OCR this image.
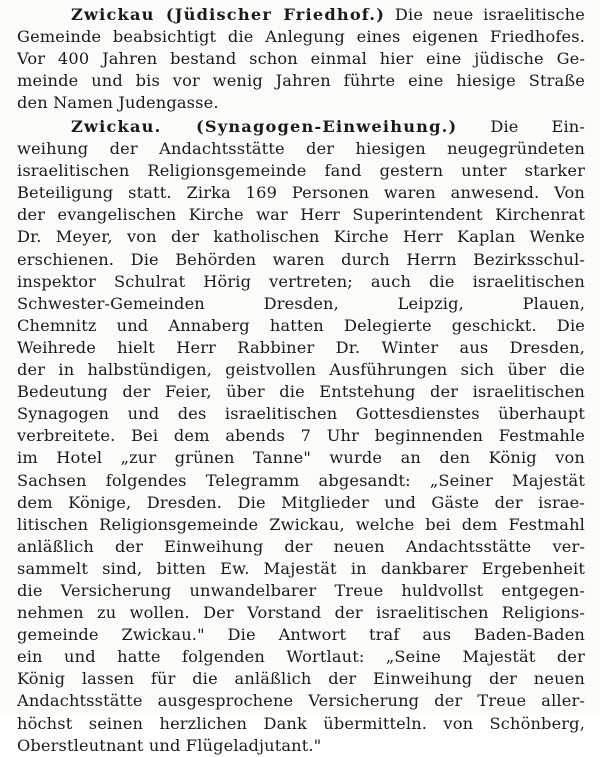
Zwickau (Jüdischer Friedhof.) Die neue israelitische
Gemeinde beabsichtigt die Anlegung eines eigenen Friedhofes.
Vor 400 Jahren bestand schon einmal hier eine jüdische Ge-
meinde und bis vor wenig Jahren führte eine hiesige Straße
den Namen Judengasse.
Zwickau. (Synagogen-Einweihung.) Die Ein-
weihung der Andachtsstätte der hiesigen neugegründeten
israelitischen Religionsgemeinde fand gestern unter starker
Beteiligung statt. Zirka 169 Personen waren anwesend. Von
der evangelischen Kirche war Herr Superintendent Kirchenrat
Dr. Meyer, von der katholischen Kirche Herr Kaplan Wenke
erschienen. Die Behörden waren durch Herrn Bezirksschul-
inspektor Schulrat Hörig vertreten; auch die israelitischen
Schwester-Gemeinden Dresden, Leipzig, Plauen,
Chemnitz und Annaberg hatten Delegierte geschickt. Die
Weihrede hielt Herr Rabbiner Dr. Winter aus Dresden,
der in halbstündigen, geistvollen Ausführungen sich über die
Bedeutung der Feier, über die Entstehung der israelitischen
Synagogen und des israelitischen Gottesdienstes überhaupt
verbreitete. Bei dem abends 7 Uhr beginnenden Festmahle
im Hotel „zur grünen Tanne" wurde an den König von
Sachsen folgendes Telegramm abgesandt: „Seiner Majestät
dem Könige, Dresden. Die Mitglieder und Gäste der israe-
litischen Religionsgemeinde Zwickau, welche bei dem Festmahl
anläßlich der Einweihung der neuen Andachtsstätte ver-
sammelt sind, bitten Ew. Majestät in dankbarer Ergebenheit
die Versicherung unwandelbarer Treue huldvollst entgegen-
nehmen zu wollen. Der Vorstand der israelitischen Religions-
gemeinde Zwickau." Die Antwort traf aus Baden-Baden
ein und hatte folgenden Wortlaut: „Seine Majestät der
König lassen für die anläßlich der Einweihung der neuen
Andachtsstätte ausgesprochene Versicherung der Treue aller-
höchst seinen herzlichen Dank übermitteln. von Schönberg,
Oberstleutnant und Flügeladjutant."
